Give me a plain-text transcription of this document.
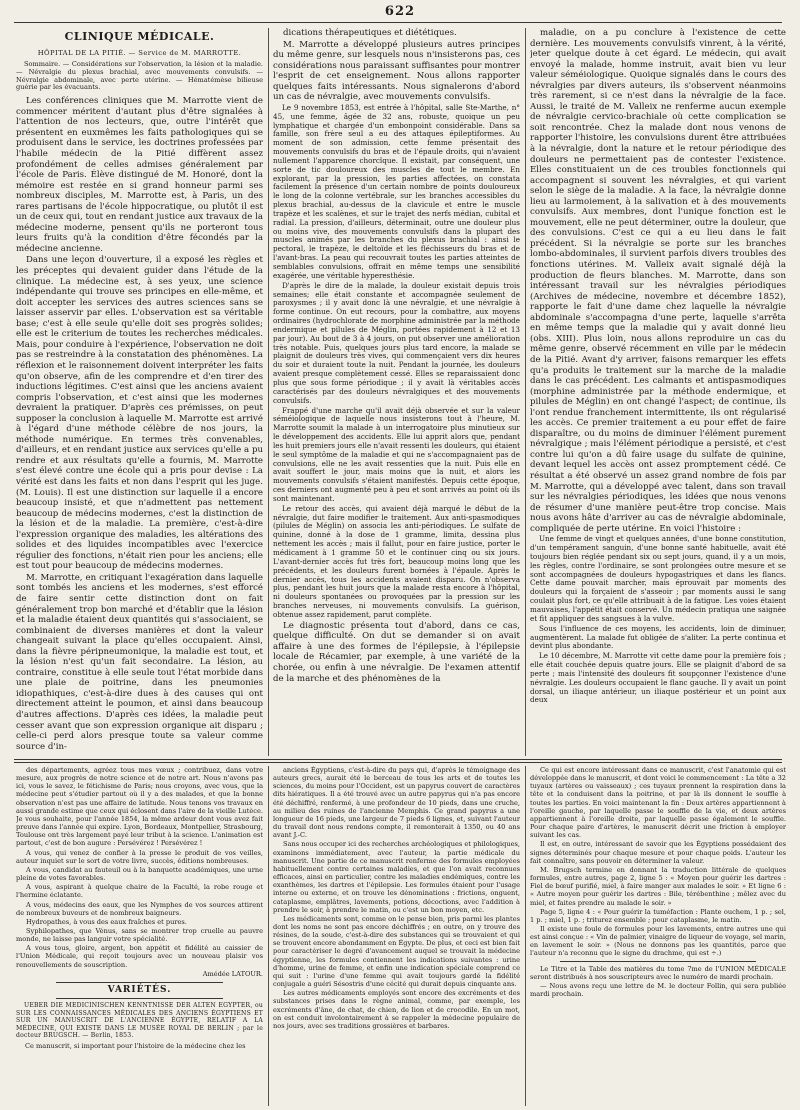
622
CLINIQUE MÉDICALE.
HÔPITAL DE LA PITIÉ. — Service de M. MARROTTE.
Sommaire. — Considérations sur l'observation, la lésion et la maladie. — Névralgie du plexus brachial, avec mouvements convulsifs. — Névralgie abdominale, avec perte utérine. — Hématémèse bilieuse guérie par les évacuants.

Les conférences cliniques que M. Marrotte vient de commencer méritent d'autant plus d'être signalées à l'attention de nos lecteurs, que, outre l'intérêt que présentent en euxmêmes les faits pathologiques qui se produisent dans le service, les doctrines professées par l'habile médecin de la Pitié diffèrent assez profondément de celles admises généralement par l'école de Paris. Élève distingué de M. Honoré, dont la mémoire est restée en si grand honneur parmi ses nombreux disciples, M. Marrotte est, à Paris, un des rares partisans de l'école hippocratique, ou plutôt il est un de ceux qui, tout en rendant justice aux travaux de la médecine moderne, pensent qu'ils ne porteront tous leurs fruits qu'à la condition d'être fécondés par la médecine ancienne.

Dans une leçon d'ouverture, il a exposé les règles et les préceptes qui devaient guider dans l'étude de la clinique. La médecine est, à ses yeux, une science indépendante qui trouve ses principes en elle-même, et doit accepter les services des autres sciences sans se laisser asservir par elles. L'observation est sa véritable base; c'est à elle seule qu'elle doit ses progrès solides; elle est le criterium de toutes les recherches médicales. Mais, pour conduire à l'expérience, l'observation ne doit pas se restreindre à la constatation des phénomènes. La réflexion et le raisonnement doivent interpréter les faits qu'on observe, afin de les comprendre et d'en tirer des inductions légitimes. C'est ainsi que les anciens avaient compris l'observation, et c'est ainsi que les modernes devraient la pratiquer. D'après ces prémisses, on peut supposer la conclusion à laquelle M. Marrotte est arrivé à l'égard d'une méthode célèbre de nos jours, la méthode numérique. En termes très convenables, d'ailleurs, et en rendant justice aux services qu'elle a pu rendre et aux résultats qu'elle a fournis, M. Marrotte s'est élevé contre une école qui a pris pour devise : La vérité est dans les faits et non dans l'esprit qui les juge. (M. Louis). Il est une distinction sur laquelle il a encore beaucoup insisté, et que n'admettent pas nettement beaucoup de médecins modernes, c'est la distinction de la lésion et de la maladie. La première, c'est-à-dire l'expression organique des maladies, les altérations des solides et des liquides incompatibles avec l'exercice régulier des fonctions, n'était rien pour les anciens; elle est tout pour beaucoup de médecins modernes.

M. Marrotte, en critiquant l'exagération dans laquelle sont tombés les anciens et les modernes, s'est efforcé de faire sentir cette distinction dont on fait généralement trop bon marché et d'établir que la lésion et la maladie étaient deux quantités qui s'associaient, se combinaient de diverses manières et dont la valeur changeait suivant la place qu'elles occupaient. Ainsi, dans la fièvre péripneumonique, la maladie est tout, et la lésion n'est qu'un fait secondaire. La lésion, au contraire, constitue à elle seule tout l'état morbide dans une plaie de poitrine, dans les pneumonies idiopathiques, c'est-à-dire dues à des causes qui ont directement atteint le poumon, et ainsi dans beaucoup d'autres affections. D'après ces idées, la maladie peut cesser avant que son expression organique ait disparu ; celle-ci perd alors presque toute sa valeur comme source d'in-

dications thérapeutiques et diététiques.

M. Marrotte a développé plusieurs autres principes du même genre, sur lesquels nous n'insisterons pas, ces considérations nous paraissant suffisantes pour montrer l'esprit de cet enseignement. Nous allons rapporter quelques faits intéressants. Nous signalerons d'abord un cas de névralgie, avec mouvements convulsifs.

Le 9 novembre 1853, est entrée à l'hôpital, salle Ste-Marthe, n° 45, une femme, âgée de 32 ans, robuste, quoique un peu lymphatique et chargée d'un embonpoint considérable. Dans sa famille, son frère seul a eu des attaques épileptiformes. Au moment de son admission, cette femme présentait des mouvements convulsifs du bras et de l'épaule droits, qui n'avaient nullement l'apparence chorcïque. Il existait, par conséquent, une sorte de tic douloureux des muscles de tout le membre. En explorant, par la pression, les parties affectées, on constata facilement la présence d'un certain nombre de points douloureux le long de la colonne vertébrale, sur les branches accessibles du plexus brachial, au-dessus de la clavicule et entre le muscle trapèze et les scalènes, et sur le trajet des nerfs médian, cubital et radial. La pression, d'ailleurs, déterminait, outre une douleur plus ou moins vive, des mouvements convulsifs dans la plupart des muscles animés par les branches du plexus brachial : ainsi le pectoral, le trapèze, le deltoïde et les fléchisseurs du bras et de l'avant-bras. La peau qui recouvrait toutes les parties atteintes de semblables convulsions, offrait en même temps une sensibilité exagérée, une véritable hyperesthésie.

D'après le dire de la malade, la douleur existait depuis trois semaines; elle était constante et accompagnée seulement de paroxysmes ; il y avait donc là une névralgie, et une névralgie à forme continue. On eut recours, pour la combattre, aux moyens ordinaires (hydrochlorate de morphine administrée par la méthode endermique et pilules de Méglin, portées rapidement à 12 et 13 par jour). Au bout de 3 à 4 jours, on put observer une amélioration très notable. Puis, quelques jours plus tard encore, la malade se plaignit de douleurs très vives, qui commençaient vers dix heures du soir et duraient toute la nuit. Pendant la journée, les douleurs avaient presque complètement cessé. Elles se reparaissaient donc plus que sous forme périodique ; il y avait là véritables accès caractérisés par des douleurs névralgiques et des mouvements convulsifs.

Frappé d'une marche qu'il avait déjà observée et sur la valeur séméiologique de laquelle nous insisterons tout à l'heure, M. Marrotte soumit la malade à un interrogatoire plus minutieux sur le développement des accidents. Elle lui apprit alors que, pendant les huit premiers jours elle n'avait ressenti les douleurs, qui étaient le seul symptôme de la maladie et qui ne s'accompagnaient pas de convulsions, elle ne les avait ressenties que la nuit. Puis elle en avait souffert le jour, mais moins que la nuit, et alors les mouvements convulsifs s'étaient manifestés. Depuis cette époque, ces derniers ont augmenté peu à peu et sont arrivés au point où ils sont maintenant.

Le retour des accès, qui avaient déjà marqué le début de la névralgie, dut faire modifier le traitement. Aux anti-spasmodiques (pilules de Méglin) on associa les anti-périodiques. Le sulfate de quinine, donné à la dose de 1 gramme, limita, dessina plus nettement les accès ; mais il fallut, pour en faire justice, porter le médicament à 1 gramme 50 et le continuer cinq ou six jours. L'avant-dernier accès fut très fort, beaucoup moins long que les précédents, et les douleurs furent bornées à l'épaule. Après le dernier accès, tous les accidents avaient disparu. On n'observa plus, pendant les huit jours que la malade resta encore à l'hôpital, ni douleurs spontanées ou provoquées par la pression sur les branches nerveuses, ni mouvements convulsifs. La guérison, obtenue assez rapidement, parut complète.

Le diagnostic présenta tout d'abord, dans ce cas, quelque difficulté. On dut se demander si on avait affaire à une des formes de l'épilepsie, à l'épilepsie locale de Récamier, par exemple, à une variété de la chorée, ou enfin à une névralgie. De l'examen attentif de la marche et des phénomènes de la

maladie, on a pu conclure à l'existence de cette dernière. Les mouvements convulsifs vinrent, à la vérité, jeter quelque doute à cet égard. Le médecin, qui avait envoyé la malade, homme instruit, avait bien vu leur valeur séméiologique. Quoique signalés dans le cours des névralgies par divers auteurs, ils s'observent néanmoins très rarement, si ce n'est dans la névralgie de la face. Aussi, le traité de M. Valleix ne renferme aucun exemple de névralgie cervico-brachiale où cette complication se soit rencontrée. Chez la malade dont nous venons de rapporter l'histoire, les convulsions durent être attribuées à la névralgie, dont la nature et le retour périodique des douleurs ne permettaient pas de contester l'existence. Elles constituaient un de ces troubles fonctionnels qui accompagnent si souvent les névralgies, et qui varient selon le siège de la maladie. A la face, la névralgie donne lieu au larmoiement, à la salivation et à des mouvements convulsifs. Aux membres, dont l'unique fonction est le mouvement, elle ne peut déterminer, outre la douleur, que des convulsions. C'est ce qui a eu lieu dans le fait précédent. Si la névralgie se porte sur les branches lombo-abdominales, il survient parfois divers troubles des fonctions utérines. M. Valleix avait signalé déjà la production de fleurs blanches. M. Marrotte, dans son intéressant travail sur les névralgies périodiques (Archives de médecine, novembre et décembre 1852), rapporte le fait d'une dame chez laquelle la névralgie abdominale s'accompagna d'une perte, laquelle s'arrêta en même temps que la maladie qui y avait donné lieu (obs. XIII). Plus loin, nous allons reproduire un cas du même genre, observé récemment en ville par le médecin de la Pitié. Avant d'y arriver, faisons remarquer les effets qu'a produits le traitement sur la marche de la maladie dans le cas précédent. Les calmants et antispasmodiques (morphine administrée par la méthode endermique, et pilules de Méglin) en ont changé l'aspect; de continue, ils l'ont rendue franchement intermittente, ils ont régularisé les accès. Ce premier traitement a eu pour effet de faire disparaître, ou du moins de diminuer l'élément purement névralgique ; mais l'élément périodique a persisté, et c'est contre lui qu'on a dû faire usage du sulfate de quinine, devant lequel les accès ont assez promptement cédé. Ce résultat a été observé un assez grand nombre de fois par M. Marrotte, qui a développé avec talent, dans son travail sur les névralgies périodiques, les idées que nous venons de résumer d'une manière peut-être trop concise. Mais nous avons hâte d'arriver au cas de névralgie abdominale, compliquée de perte utérine. En voici l'histoire :

Une femme de vingt et quelques années, d'une bonne constitution, d'un tempérament sanguin, d'une bonne santé habituelle, avait été toujours bien réglée pendant six ou sept jours, quand, il y a un mois, les règles, contre l'ordinaire, se sont prolongées outre mesure et se sont accompagnées de douleurs hypogastriques et dans les flancs. Cette dame pouvait marcher, mais éprouvait par moments des douleurs qui la forçaient de s'asseoir ; par moments aussi le sang coulait plus fort, ce qu'elle attribuait à de la fatigue. Les voies étaient mauvaises, l'appétit était conservé. Un médecin pratiqua une saignée et fit appliquer des sangsues à la vulve.

Sous l'influence de ces moyens, les accidents, loin de diminuer, augmentèrent. La malade fut obligée de s'aliter. La perte continua et devint plus abondante.

Le 10 décembre, M. Marrotte vit cette dame pour la première fois ; elle était couchée depuis quatre jours. Elle se plaignit d'abord de sa perte ; mais l'intensité des douleurs fit soupçonner l'existence d'une névralgie. Les douleurs occupaient le flanc gauche. Il y avait un point dorsal, un iliaque antérieur, un iliaque postérieur et un point aux deux

des départements, agréez tous mes vœux ; contribuez, dans votre mesure, aux progrès de notre science et de notre art. Nous n'avons pas ici, vous le savez, le fétichisme de Paris; nous croyons, avec vous, que la médecine peut s'étudier partout où il y a des malades, et que la bonne observation n'est pas une affaire de latitude. Nous tenons vos travaux en aussi grande estime que ceux qui éclosent dans l'aire de la vieille Lutèce. Je vous souhaite, pour l'année 1854, la même ardeur dont vous avez fait preuve dans l'année qui expire. Lyon, Bordeaux, Montpellier, Strasbourg, Toulouse ont très largement payé leur tribut à la science. L'animation est partout, c'est de bon augure : Persévérez ! Persévérez !

A vous, qui venez de confier à la presse le produit de vos veilles, auteur inquiet sur le sort de votre livre, succès, éditions nombreuses.

A vous, candidat au fauteuil ou à la banquette académiques, une urne pleine de votes favorables.

A vous, aspirant à quelque chaire de la Faculté, la robe rouge et l'hermine éclatante.

A vous, médecins des eaux, que les Nymphes de vos sources attirent de nombreux buveurs et de nombreux baigneurs.

Hydropathes, à vous des eaux fraîches et pures.

Syphilopathes, que Vénus, sans se montrer trop cruelle au pauvre monde, ne laisse pas languir votre spécialité.

A vous tous, gloire, argent, bon appétit et fidélité au caissier de l'Union Médicale, qui reçoit toujours avec un nouveau plaisir vos renouvellements de souscription.

Amédée LATOUR.
VARIÉTÉS.
UEBER DIE MEDICINISCHEN KENNTNISSE DER ALTEN EGYPTER, ou SUR LES CONNAISSANCES MÉDICALES DES ANCIENS ÉGYPTIENS ET SUR UN MANUSCRIT DE L'ANCIENNE ÉGYPTE, RELATIF A LA MÉDECINE, QUI EXISTE DANS LE MUSÉE ROYAL DE BERLIN ; par le docteur BRUGSCH. — Berlin, 1853.

Ce manuscrit, si important pour l'histoire de la médecine chez les

anciens Égyptiens, c'est-à-dire du pays qui, d'après le témoignage des auteurs grecs, aurait été le berceau de tous les arts et de toutes les sciences, du moins pour l'Occident, est un papyrus couvert de caractères dits hiératiques. Il a été trouvé avec un autre papyrus qui n'a pas encore été déchiffré, renfermé, à une profondeur de 10 pieds, dans une cruche, au milieu des ruines de l'ancienne Memphis. Ce grand papyrus a une longueur de 16 pieds, une largeur de 7 pieds 6 lignes, et, suivant l'auteur du travail dont nous rendons compte, il remonterait à 1350, ou 40 ans avant J.-C.

Sans nous occuper ici des recherches archéologiques et philologiques, examinons immédiatement, avec l'auteur, la partie médicale du manuscrit. Une partie de ce manuscrit renferme des formules employées habituellement contre certaines maladies, et que l'on avait reconnues efficaces, ainsi en particulier, contre les maladies endémiques, contre les exanthèmes, les dartres et l'épilepsie. Les formules étaient pour l'usage interne ou externe, et on trouve les dénominations : frictions, onguent, cataplasme, emplâtres, lavements, potions, décoctions, avec l'addition à prendre le soir, à prendre le matin, ou c'est un bon moyen, etc.

Les médicaments sont, comme on le pense bien, pris parmi les plantes dont les noms ne sont pas encore déchiffrés ; en outre, on y trouve des résines, de la soude, c'est-à-dire des substances qui se trouvaient et qui se trouvent encore abondamment en Égypte. De plus, et ceci est bien fait pour caractériser le degré d'avancement auquel se trouvait la médecine égyptienne, les formules contiennent les indications suivantes : urine d'homme, urine de femme, et enfin une indication spéciale comprend ce qui suit : l'urine d'une femme qui avait toujours gardé la fidélité conjugale a guéri Sésostris d'une cécité qui durait depuis cinquante ans.

Les autres médicaments employés sont encore des excréments et des substances prises dans le règne animal, comme, par exemple, les excréments d'âne, de chat, de chien, de lion et de crocodile. En un mot, on est conduit involontairement à se rappeler la médecine populaire de nos jours, avec ses traditions grossières et barbares.

Ce qui est encore intéressant dans ce manuscrit, c'est l'anatomie qui est développée dans le manuscrit, et dont voici le commencement : La tête a 32 tuyaux (artères ou vaisseaux) ; ces tuyaux prennent la respiration dans la tête et la conduisent dans la poitrine, et par là ils donnent le souffle à toutes les parties. En voici maintenant la fin : Deux artères appartiennent à l'oreille gauche, par laquelle passe le souffle de la vie, et deux artères appartiennent à l'oreille droite, par laquelle passe également le souffle. Pour chaque paire d'artères, le manuscrit décrit une friction à employer suivant les cas.

Il est, en outre, intéressant de savoir que les Égyptiens possédaient des signes déterminés pour chaque mesure et pour chaque poids. L'auteur les fait connaître, sans pouvoir en déterminer la valeur.

M. Brugsch termine en donnant la traduction littérale de quelques formules, entre autres, page 2, ligne 5 : « Moyen pour guérir les dartres : Fiel de bœuf purifié, miel, à faire manger aux malades le soir. » Et ligne 6 : « Autre moyen pour guérir les dartres : Bile, térébenthine ; mêlez avec du miel, et faites prendre au malade le soir. »

Page 5, ligne 4 : « Pour guérir la tuméfaction : Plante ouchem, 1 p. ; sel, 1 p. ; miel, 1 p. ; triturez ensemble ; pour cataplasme, le matin.

Il existe une foule de formules pour les lavements, entre autres une qui est ainsi conçue : « Vin de palmier, vinaigre de liqueur de voyage, sel marin, en lavement le soir. » (Nous ne donnons pas les quantités, parce que l'auteur n'a reconnu que le signe du drachme, qui est ÷.)

Le Titre et la Table des matières du tome 7me de l'UNION MÉDICALE seront distribués à nos souscripteurs avec le numéro de mardi prochain.

— Nous avons reçu une lettre de M. le docteur Follin, qui sera publiée mardi prochain.
